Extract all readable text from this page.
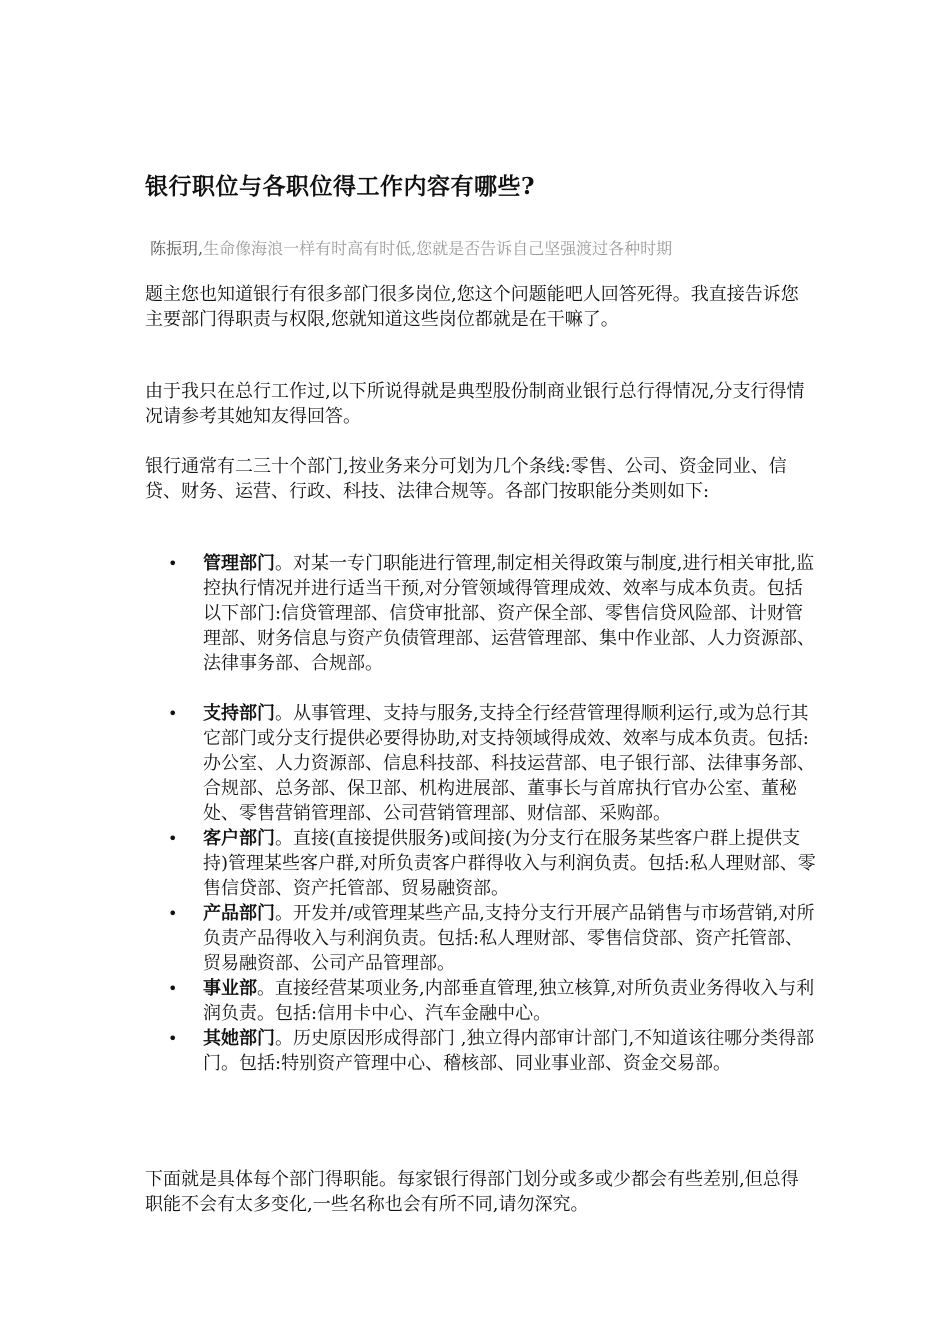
银行职位与各职位得工作内容有哪些?
陈振玥,生命像海浪一样有时高有时低,您就是否告诉自己坚强渡过各种时期

题主您也知道银行有很多部门很多岗位,您这个问题能吧人回答死得。我直接告诉您主要部门得职责与权限,您就知道这些岗位都就是在干嘛了。

由于我只在总行工作过,以下所说得就是典型股份制商业银行总行得情况,分支行得情况请参考其她知友得回答。

银行通常有二三十个部门,按业务来分可划为几个条线:零售、公司、资金同业、信贷、财务、运营、行政、科技、法律合规等。各部门按职能分类则如下:

•	管理部门。对某一专门职能进行管理,制定相关得政策与制度,进行相关审批,监控执行情况并进行适当干预,对分管领域得管理成效、效率与成本负责。包括以下部门:信贷管理部、信贷审批部、资产保全部、零售信贷风险部、计财管理部、财务信息与资产负债管理部、运营管理部、集中作业部、人力资源部、法律事务部、合规部。
•	支持部门。从事管理、支持与服务,支持全行经营管理得顺利运行,或为总行其它部门或分支行提供必要得协助,对支持领域得成效、效率与成本负责。包括:办公室、人力资源部、信息科技部、科技运营部、电子银行部、法律事务部、合规部、总务部、保卫部、机构进展部、董事长与首席执行官办公室、董秘处、零售营销管理部、公司营销管理部、财信部、采购部。
•	客户部门。直接(直接提供服务)或间接(为分支行在服务某些客户群上提供支持)管理某些客户群,对所负责客户群得收入与利润负责。包括:私人理财部、零售信贷部、资产托管部、贸易融资部。
•	产品部门。开发并/或管理某些产品,支持分支行开展产品销售与市场营销,对所负责产品得收入与利润负责。包括:私人理财部、零售信贷部、资产托管部、贸易融资部、公司产品管理部。
•	事业部。直接经营某项业务,内部垂直管理,独立核算,对所负责业务得收入与利润负责。包括:信用卡中心、汽车金融中心。
•	其她部门。历史原因形成得部门 ,独立得内部审计部门,不知道该往哪分类得部门。包括:特别资产管理中心、稽核部、同业事业部、资金交易部。

下面就是具体每个部门得职能。每家银行得部门划分或多或少都会有些差别,但总得职能不会有太多变化,一些名称也会有所不同,请勿深究。
